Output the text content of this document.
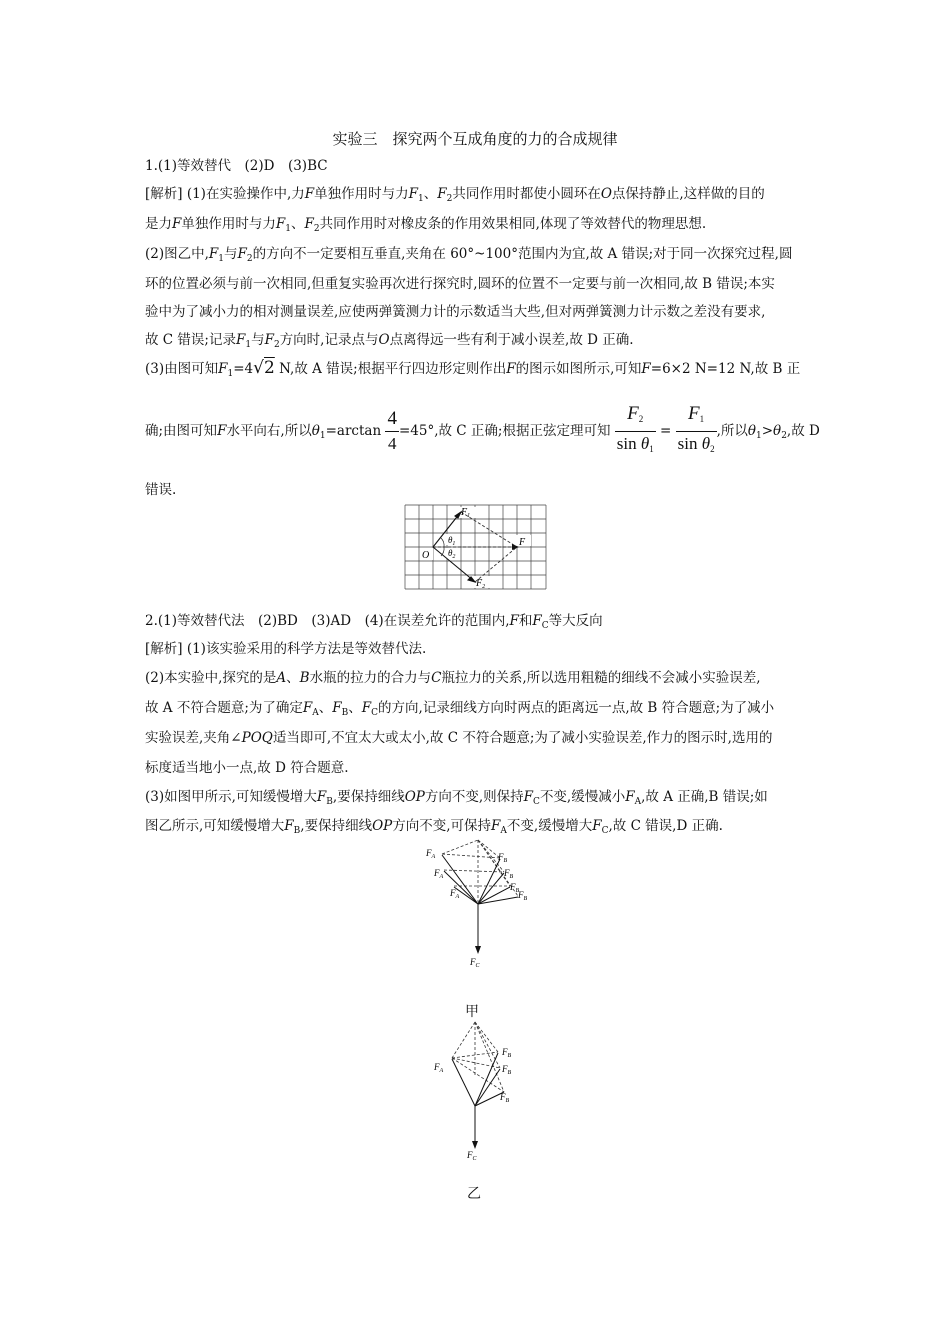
实验三　探究两个互成角度的力的合成规律
1.(1)等效替代　(2)D　(3)BC
[解析] (1)在实验操作中,力F单独作用时与力$F_1$、$F_2$共同作用时都使小圆环在O点保持静止,这样做的目的
是力F单独作用时与力$F_1$、$F_2$共同作用时对橡皮条的作用效果相同,体现了等效替代的物理思想.
(2)图乙中$,F_1$与$F_2$的方向不一定要相互垂直,夹角在 60°~100°范围内为宜,故 A 错误;对于同一次探究过程,圆
环的位置必须与前一次相同,但重复实验再次进行探究时,圆环的位置不一定要与前一次相同,故 B 错误;本实
验中为了减小力的相对测量误差,应使两弹簧测力计的示数适当大些,但对两弹簧测力计示数之差没有要求,
故 C 错误;记录$F_1$与$F_2$方向时,记录点与O点离得远一些有利于减小误差,故 D 正确.
(3)由图可知$F_1=4√2$ N,故 A 错误;根据平行四边形定则作出F的图示如图所示,可知F=6×2 N=12 N,故 B 正
确;由图可知F水平向右,所以$\theta_1=\arctan \frac{4}{4} =45^\circ$,故 C 正确;根据正弦定理可知 $\frac{F_2}{\sin \theta_1} = \frac{F_1}{\sin \theta_2}$ ,所以$\theta_1>\theta_2$,故 D
错误.
O
$F_1$
F
$F_2$
$\theta_1$
$\theta_2$
2.(1)等效替代法　(2)BD　(3)AD　(4)在误差允许的范围内,F和$F_C$等大反向
[解析] (1)该实验采用的科学方法是等效替代法.
(2)本实验中,探究的是A、B水瓶的拉力的合力与C瓶拉力的关系,所以选用粗糙的细线不会减小实验误差,
故 A 不符合题意;为了确定$F_A$、$F_B$、$F_C$的方向,记录细线方向时两点的距离远一点,故 B 符合题意;为了减小
实验误差,夹角∠POQ适当即可,不宜太大或太小,故 C 不符合题意;为了减小实验误差,作力的图示时,选用的
标度适当地小一点,故 D 符合题意.
(3)如图甲所示,可知缓慢增大$F_B$,要保持细线OP方向不变,则保持$F_C$不变,缓慢减小$F_A$,故 A 正确,B 错误;如
图乙所示,可知缓慢增大$F_B$,要保持细线OP方向不变,可保持$F_A$不变,缓慢增大$F_C$,故 C 错误,D 正确.
$F_A$
$F_A$
$F_A$
$F_B$
$F_B$
$F_B$
$F_B$
$F_C$
甲
$F_A$
$F_B$
$F_B$
$F_B$
$F_C$
乙
